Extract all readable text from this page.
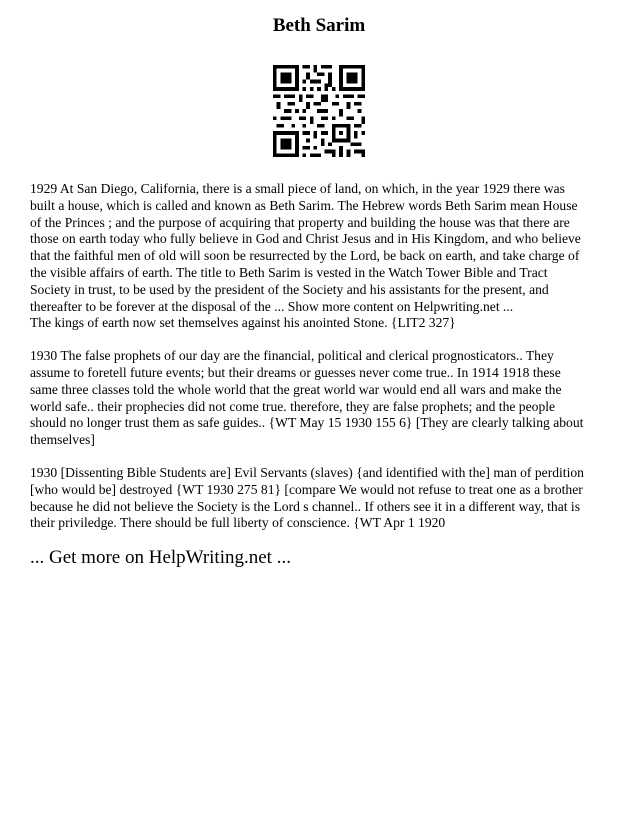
Beth Sarim

1929 At San Diego, California, there is a small piece of land, on which, in the year 1929 there was
built a house, which is called and known as Beth Sarim. The Hebrew words Beth Sarim mean House
of the Princes ; and the purpose of acquiring that property and building the house was that there are
those on earth today who fully believe in God and Christ Jesus and in His Kingdom, and who believe
that the faithful men of old will soon be resurrected by the Lord, be back on earth, and take charge of
the visible affairs of earth. The title to Beth Sarim is vested in the Watch Tower Bible and Tract
Society in trust, to be used by the president of the Society and his assistants for the present, and
thereafter to be forever at the disposal of the ... Show more content on Helpwriting.net ...
The kings of earth now set themselves against his anointed Stone. {LIT2 327}

1930 The false prophets of our day are the financial, political and clerical prognosticators.. They
assume to foretell future events; but their dreams or guesses never come true.. In 1914 1918 these
same three classes told the whole world that the great world war would end all wars and make the
world safe.. their prophecies did not come true. therefore, they are false prophets; and the people
should no longer trust them as safe guides.. {WT May 15 1930 155 6} [They are clearly talking about
themselves]

1930 [Dissenting Bible Students are] Evil Servants (slaves) {and identified with the] man of perdition
[who would be] destroyed {WT 1930 275 81} [compare We would not refuse to treat one as a brother
because he did not believe the Society is the Lord s channel.. If others see it in a different way, that is
their priviledge. There should be full liberty of conscience. {WT Apr 1 1920

... Get more on HelpWriting.net ...
